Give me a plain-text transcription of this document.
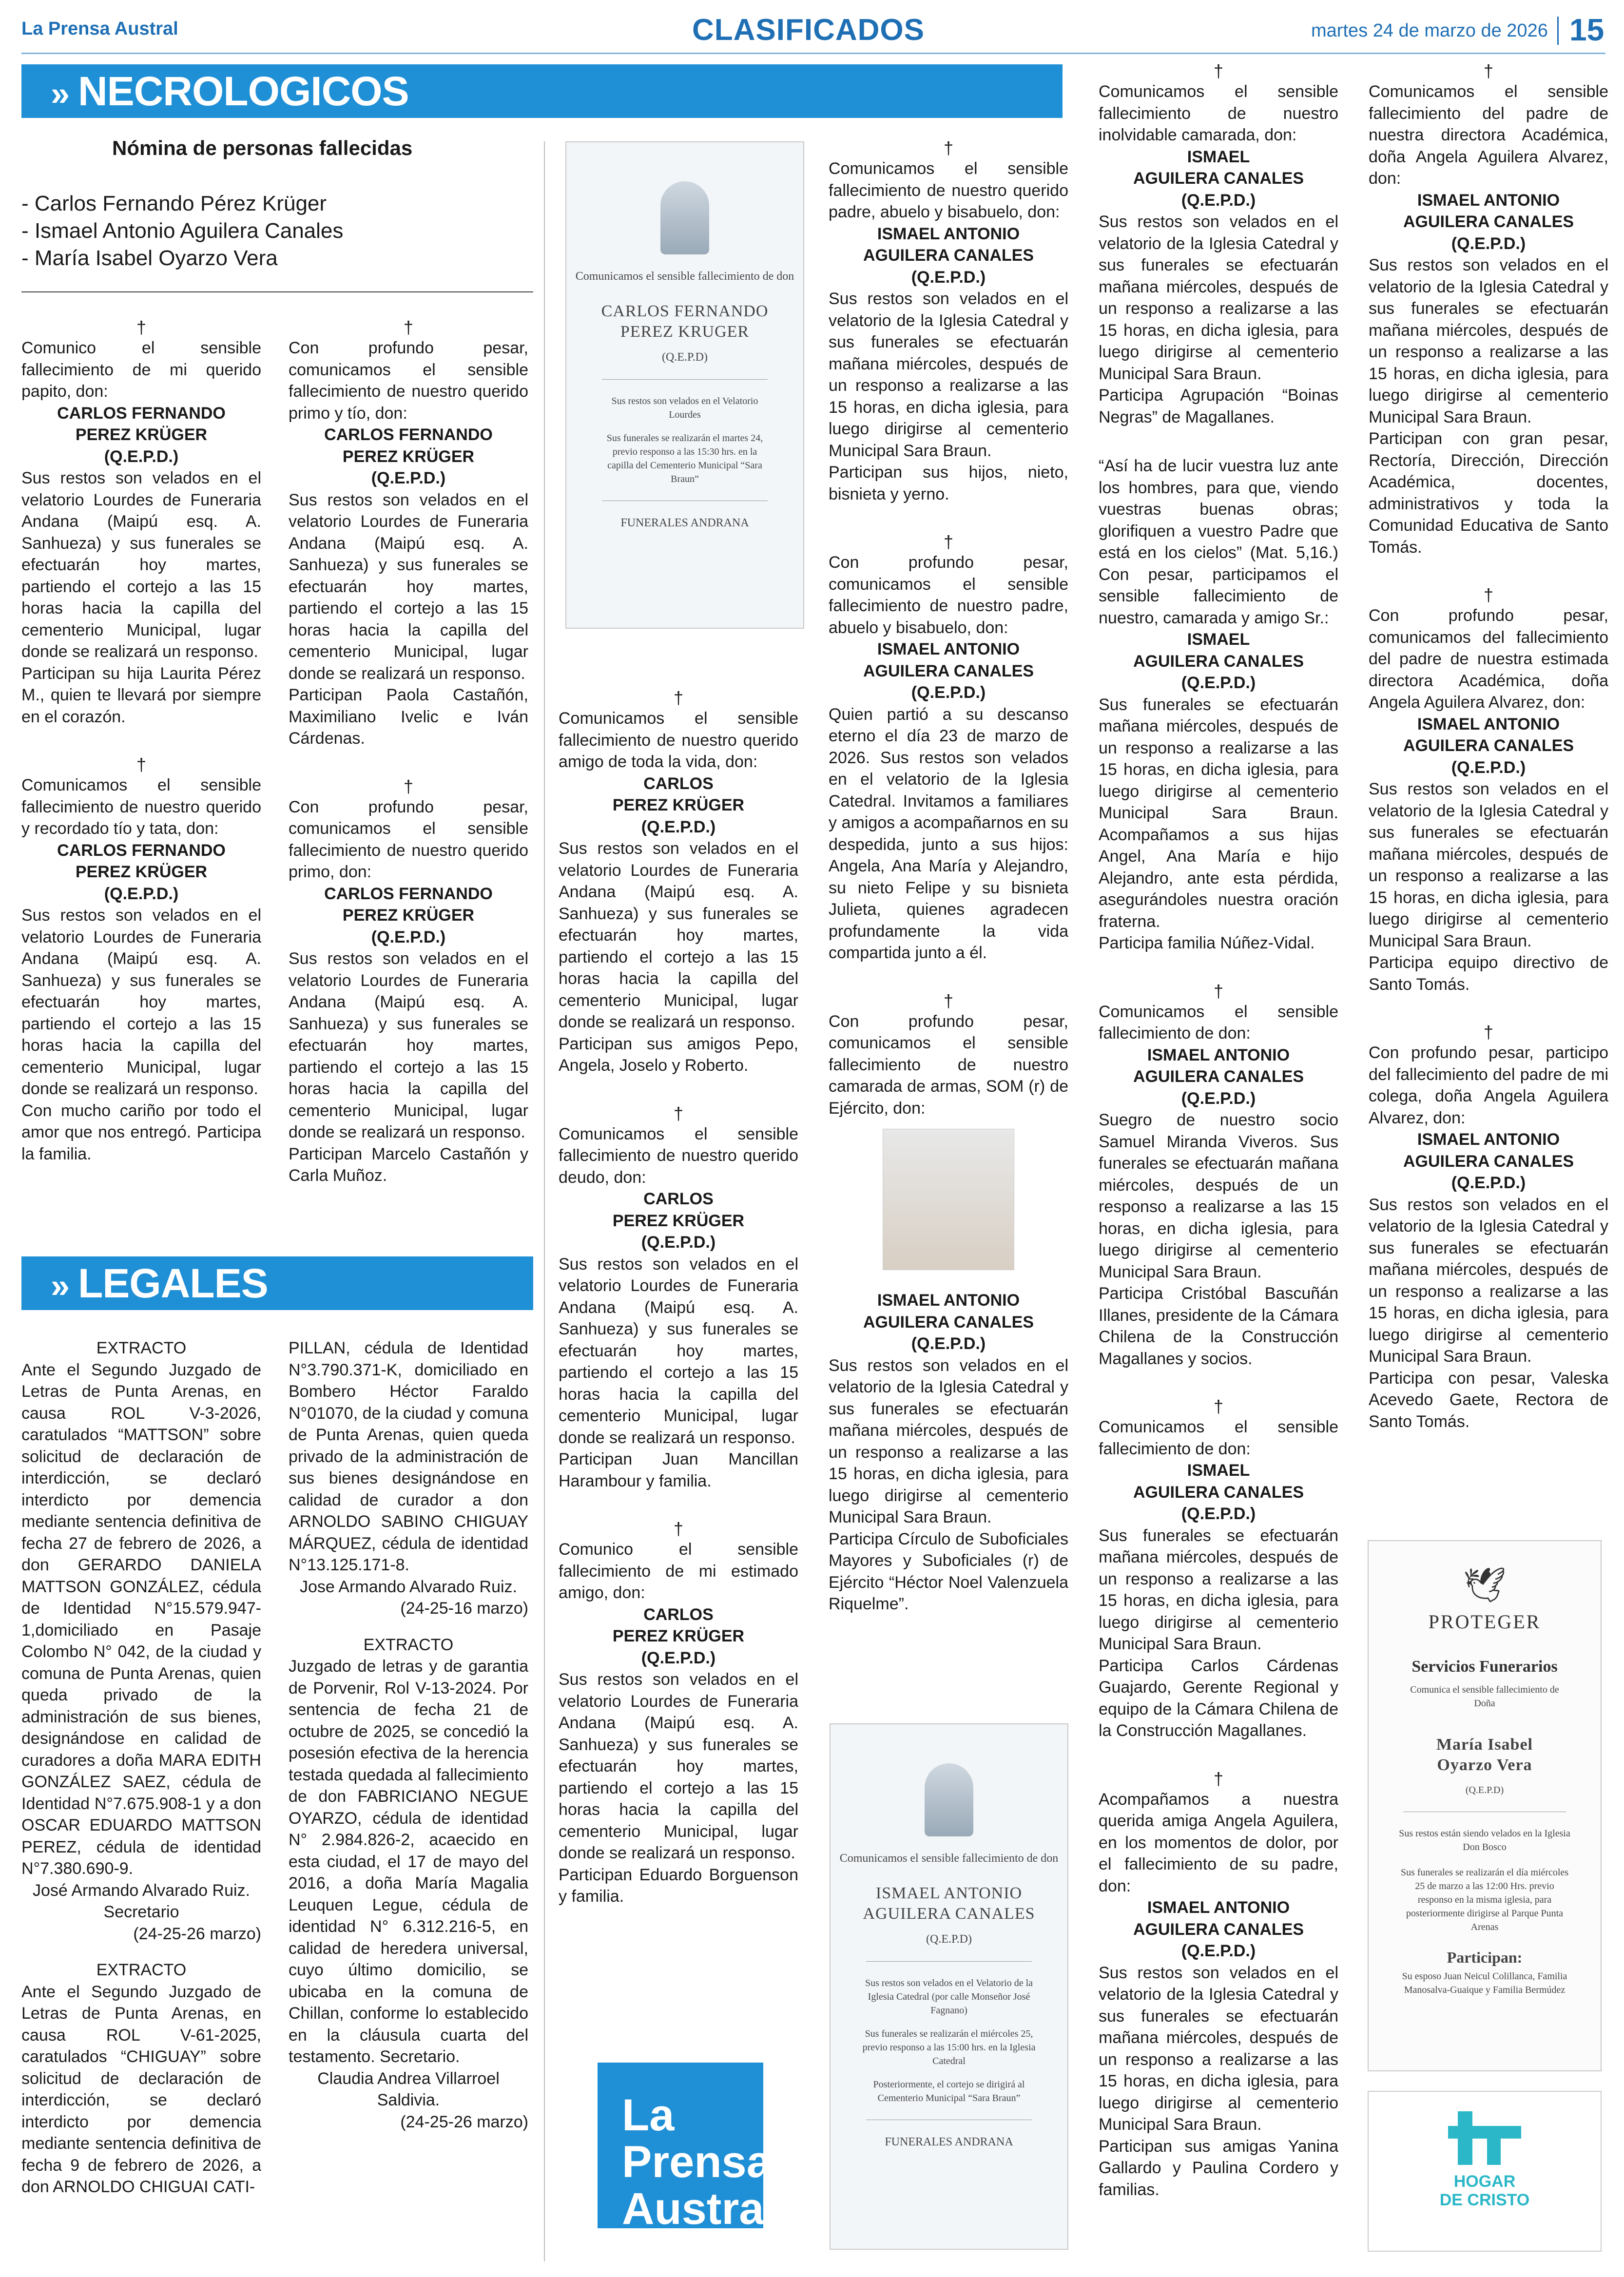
La Prensa Austral	CLASIFICADOS	martes 24 de marzo de 2026 15
» NECROLOGICOS
Nómina de personas fallecidas
- Carlos Fernando Pérez Krüger
- Ismael Antonio Aguilera Canales
- María Isabel Oyarzo Vera

†

Comunico el sensible fallecimiento de mi querido papito, don:

CARLOS FERNANDO

PEREZ KRÜGER

(Q.E.P.D.)

Sus restos son velados en el velatorio Lourdes de Funeraria Andana (Maipú esq. A. Sanhueza) y sus funerales se efectuarán hoy martes, partiendo el cortejo a las 15 horas hacia la capilla del cementerio Municipal, lugar donde se realizará un responso.

Participan su hija Laurita Pérez M., quien te llevará por siempre en el corazón.

†

Comunicamos el sensible fallecimiento de nuestro querido y recordado tío y tata, don:

CARLOS FERNANDO

PEREZ KRÜGER

(Q.E.P.D.)

Sus restos son velados en el velatorio Lourdes de Funeraria Andana (Maipú esq. A. Sanhueza) y sus funerales se efectuarán hoy martes, partiendo el cortejo a las 15 horas hacia la capilla del cementerio Municipal, lugar donde se realizará un responso.

Con mucho cariño por todo el amor que nos entregó. Participa la familia.

†

Con profundo pesar, comunicamos el sensible fallecimiento de nuestro querido primo y tío, don:

CARLOS FERNANDO

PEREZ KRÜGER

(Q.E.P.D.)

Sus restos son velados en el velatorio Lourdes de Funeraria Andana (Maipú esq. A. Sanhueza) y sus funerales se efectuarán hoy martes, partiendo el cortejo a las 15 horas hacia la capilla del cementerio Municipal, lugar donde se realizará un responso.

Participan Paola Castañón, Maximiliano Ivelic e Iván Cárdenas.

†

Con profundo pesar, comunicamos el sensible fallecimiento de nuestro querido primo, don:

CARLOS FERNANDO

PEREZ KRÜGER

(Q.E.P.D.)

Sus restos son velados en el velatorio Lourdes de Funeraria Andana (Maipú esq. A. Sanhueza) y sus funerales se efectuarán hoy martes, partiendo el cortejo a las 15 horas hacia la capilla del cementerio Municipal, lugar donde se realizará un responso.

Participan Marcelo Castañón y Carla Muñoz.

» LEGALES

EXTRACTO

Ante el Segundo Juzgado de Letras de Punta Arenas, en causa ROL V-3-2026, caratulados “MATTSON” sobre solicitud de declaración de interdicción, se declaró interdicto por demencia mediante sentencia definitiva de fecha 27 de febrero de 2026, a don GERARDO DANIELA MATTSON GONZÁLEZ, cédula de Identidad N°15.579.947- 1,domiciliado en Pasaje Colombo N° 042, de la ciudad y comuna de Punta Arenas, quien queda privado de la administración de sus bienes, designándose en calidad de curadores a doña MARA EDITH GONZÁLEZ SAEZ, cédula de Identidad N°7.675.908-1 y a don OSCAR EDUARDO MATTSON PEREZ, cédula de identidad N°7.380.690-9.

José Armando Alvarado Ruiz. Secretario

(24-25-26 marzo)

EXTRACTO

Ante el Segundo Juzgado de Letras de Punta Arenas, en causa ROL V-61-2025, caratulados “CHIGUAY” sobre solicitud de declaración de interdicción, se declaró interdicto por demencia mediante sentencia definitiva de fecha 9 de febrero de 2026, a don ARNOLDO CHIGUAI CATI-

PILLAN, cédula de Identidad N°3.790.371-K, domiciliado en Bombero Héctor Faraldo N°01070, de la ciudad y comuna de Punta Arenas, quien queda privado de la administración de sus bienes designándose en calidad de curador a don ARNOLDO SABINO CHIGUAY MÁRQUEZ, cédula de identidad N°13.125.171-8.

Jose Armando Alvarado Ruiz.

(24-25-16 marzo)

EXTRACTO

Juzgado de letras y de garantia de Porvenir, Rol V-13-2024. Por sentencia de fecha 21 de octubre de 2025, se concedió la posesión efectiva de la herencia testada quedada al fallecimiento de don FABRICIANO NEGUE OYARZO, cédula de identidad N° 2.984.826-2, acaecido en esta ciudad, el 17 de mayo del 2016, a doña María Magalia Leuquen Legue, cédula de identidad N° 6.312.216-5, en calidad de heredera universal, cuyo último domicilio, se ubicaba en la comuna de Chillan, conforme lo establecido en la cláusula cuarta del testamento. Secretario.

Claudia Andrea Villarroel Saldivia.

(24-25-26 marzo)

Comunicamos el sensible fallecimiento de don
CARLOS FERNANDO PEREZ KRUGER
(Q.E.P.D)
Sus restos son velados en el Velatorio Lourdes
Sus funerales se realizarán el martes 24, previo responso a las 15:30 hrs. en la capilla del Cementerio Municipal “Sara Braun”
FUNERALES ANDRANA

†

Comunicamos el sensible fallecimiento de nuestro querido amigo de toda la vida, don:

CARLOS

PEREZ KRÜGER

(Q.E.P.D.)

Sus restos son velados en el velatorio Lourdes de Funeraria Andana (Maipú esq. A. Sanhueza) y sus funerales se efectuarán hoy martes, partiendo el cortejo a las 15 horas hacia la capilla del cementerio Municipal, lugar donde se realizará un responso.

Participan sus amigos Pepo, Angela, Joselo y Roberto.

†

Comunicamos el sensible fallecimiento de nuestro querido deudo, don:

CARLOS

PEREZ KRÜGER

(Q.E.P.D.)

Sus restos son velados en el velatorio Lourdes de Funeraria Andana (Maipú esq. A. Sanhueza) y sus funerales se efectuarán hoy martes, partiendo el cortejo a las 15 horas hacia la capilla del cementerio Municipal, lugar donde se realizará un responso.

Participan Juan Mancillan Harambour y familia.

†

Comunico el sensible fallecimiento de mi estimado amigo, don:

CARLOS

PEREZ KRÜGER

(Q.E.P.D.)

Sus restos son velados en el velatorio Lourdes de Funeraria Andana (Maipú esq. A. Sanhueza) y sus funerales se efectuarán hoy martes, partiendo el cortejo a las 15 horas hacia la capilla del cementerio Municipal, lugar donde se realizará un responso.

Participan Eduardo Borguenson y familia.

La Prensa Austral

†

Comunicamos el sensible fallecimiento de nuestro querido padre, abuelo y bisabuelo, don:

ISMAEL ANTONIO

AGUILERA CANALES

(Q.E.P.D.)

Sus restos son velados en el velatorio de la Iglesia Catedral y sus funerales se efectuarán mañana miércoles, después de un responso a realizarse a las 15 horas, en dicha iglesia, para luego dirigirse al cementerio Municipal Sara Braun.

Participan sus hijos, nieto, bisnieta y yerno.

†

Con profundo pesar, comunicamos el sensible fallecimiento de nuestro padre, abuelo y bisabuelo, don:

ISMAEL ANTONIO

AGUILERA CANALES

(Q.E.P.D.)

Quien partió a su descanso eterno el día 23 de marzo de 2026. Sus restos son velados en el velatorio de la Iglesia Catedral. Invitamos a familiares y amigos a acompañarnos en su despedida, junto a sus hijos: Angela, Ana María y Alejandro, su nieto Felipe y su bisnieta Julieta, quienes agradecen profundamente la vida compartida junto a él.

†

Con profundo pesar, comunicamos el sensible fallecimiento de nuestro camarada de armas, SOM (r) de Ejército, don:

ISMAEL ANTONIO

AGUILERA CANALES

(Q.E.P.D.)

Sus restos son velados en el velatorio de la Iglesia Catedral y sus funerales se efectuarán mañana miércoles, después de un responso a realizarse a las 15 horas, en dicha iglesia, para luego dirigirse al cementerio Municipal Sara Braun.

Participa Círculo de Suboficiales Mayores y Suboficiales (r) de Ejército “Héctor Noel Valenzuela Riquelme”.

Comunicamos el sensible fallecimiento de don
ISMAEL ANTONIO AGUILERA CANALES
(Q.E.P.D)
Sus restos son velados en el Velatorio de la Iglesia Catedral (por calle Monseñor José Fagnano)
Sus funerales se realizarán el miércoles 25, previo responso a las 15:00 hrs. en la Iglesia Catedral
Posteriormente, el cortejo se dirigirá al Cementerio Municipal “Sara Braun”
FUNERALES ANDRANA

†

Comunicamos el sensible fallecimiento de nuestro inolvidable camarada, don:

ISMAEL

AGUILERA CANALES

(Q.E.P.D.)

Sus restos son velados en el velatorio de la Iglesia Catedral y sus funerales se efectuarán mañana miércoles, después de un responso a realizarse a las 15 horas, en dicha iglesia, para luego dirigirse al cementerio Municipal Sara Braun.

Participa Agrupación “Boinas Negras” de Magallanes.

“Así ha de lucir vuestra luz ante los hombres, para que, viendo vuestras buenas obras; glorifiquen a vuestro Padre que está en los cielos” (Mat. 5,16.) Con pesar, participamos el sensible fallecimiento de nuestro, camarada y amigo Sr.:

ISMAEL

AGUILERA CANALES

(Q.E.P.D.)

Sus funerales se efectuarán mañana miércoles, después de un responso a realizarse a las 15 horas, en dicha iglesia, para luego dirigirse al cementerio Municipal Sara Braun. Acompañamos a sus hijas Angel, Ana María e hijo Alejandro, ante esta pérdida, asegurándoles nuestra oración fraterna.

Participa familia Núñez-Vidal.

†

Comunicamos el sensible fallecimiento de don:

ISMAEL ANTONIO

AGUILERA CANALES

(Q.E.P.D.)

Suegro de nuestro socio Samuel Miranda Viveros. Sus funerales se efectuarán mañana miércoles, después de un responso a realizarse a las 15 horas, en dicha iglesia, para luego dirigirse al cementerio Municipal Sara Braun.

Participa Cristóbal Bascuñán Illanes, presidente de la Cámara Chilena de la Construcción Magallanes y socios.

†

Comunicamos el sensible fallecimiento de don:

ISMAEL

AGUILERA CANALES

(Q.E.P.D.)

Sus funerales se efectuarán mañana miércoles, después de un responso a realizarse a las 15 horas, en dicha iglesia, para luego dirigirse al cementerio Municipal Sara Braun.

Participa Carlos Cárdenas Guajardo, Gerente Regional y equipo de la Cámara Chilena de la Construcción Magallanes.

†

Acompañamos a nuestra querida amiga Angela Aguilera, en los momentos de dolor, por el fallecimiento de su padre, don:

ISMAEL ANTONIO

AGUILERA CANALES

(Q.E.P.D.)

Sus restos son velados en el velatorio de la Iglesia Catedral y sus funerales se efectuarán mañana miércoles, después de un responso a realizarse a las 15 horas, en dicha iglesia, para luego dirigirse al cementerio Municipal Sara Braun.

Participan sus amigas Yanina Gallardo y Paulina Cordero y familias.

†

Comunicamos el sensible fallecimiento del padre de nuestra directora Académica, doña Angela Aguilera Alvarez, don:

ISMAEL ANTONIO

AGUILERA CANALES

(Q.E.P.D.)

Sus restos son velados en el velatorio de la Iglesia Catedral y sus funerales se efectuarán mañana miércoles, después de un responso a realizarse a las 15 horas, en dicha iglesia, para luego dirigirse al cementerio Municipal Sara Braun.

Participan con gran pesar, Rectoría, Dirección, Dirección Académica, docentes, administrativos y toda la Comunidad Educativa de Santo Tomás.

†

Con profundo pesar, comunicamos del fallecimiento del padre de nuestra estimada directora Académica, doña Angela Aguilera Alvarez, don:

ISMAEL ANTONIO

AGUILERA CANALES

(Q.E.P.D.)

Sus restos son velados en el velatorio de la Iglesia Catedral y sus funerales se efectuarán mañana miércoles, después de un responso a realizarse a las 15 horas, en dicha iglesia, para luego dirigirse al cementerio Municipal Sara Braun.

Participa equipo directivo de Santo Tomás.

†

Con profundo pesar, participo del fallecimiento del padre de mi colega, doña Angela Aguilera Alvarez, don:

ISMAEL ANTONIO

AGUILERA CANALES

(Q.E.P.D.)

Sus restos son velados en el velatorio de la Iglesia Catedral y sus funerales se efectuarán mañana miércoles, después de un responso a realizarse a las 15 horas, en dicha iglesia, para luego dirigirse al cementerio Municipal Sara Braun.

Participa con pesar, Valeska Acevedo Gaete, Rectora de Santo Tomás.

🕊
PROTEGER
Servicios Funerarios
Comunica el sensible fallecimiento de Doña
María Isabel Oyarzo Vera
(Q.E.P.D)
Sus restos están siendo velados en la Iglesia Don Bosco
Sus funerales se realizarán el día miércoles 25 de marzo a las 12:00 Hrs. previo responso en la misma iglesia, para posteriormente dirigirse al Parque Punta Arenas
Participan:
Su esposo Juan Neicul Colillanca, Familia Manosalva-Guaique y Familia Bermúdez
HOGAR
DE CRISTO
